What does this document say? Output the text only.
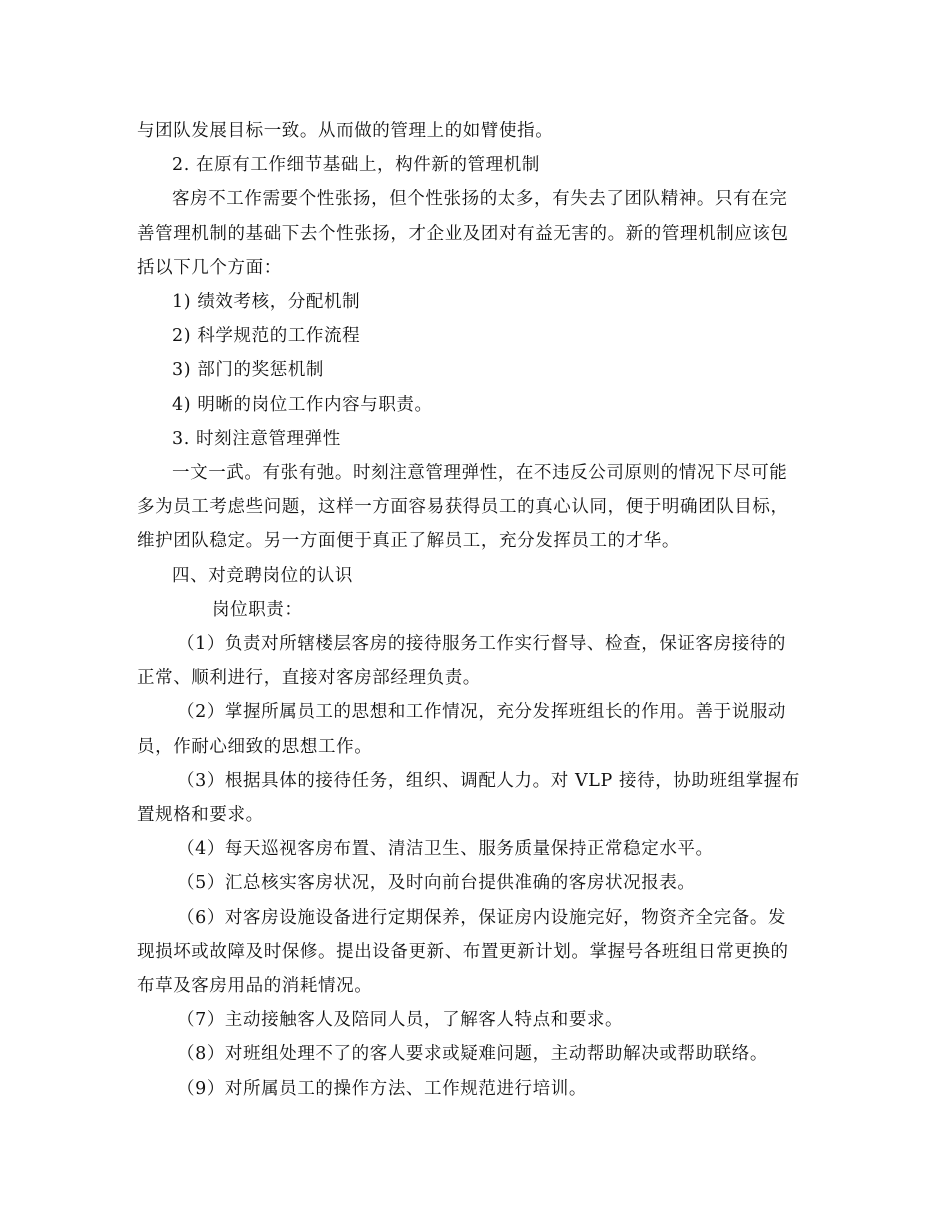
与团队发展目标一致。从而做的管理上的如臂使指。

2. 在原有工作细节基础上，构件新的管理机制

客房不工作需要个性张扬，但个性张扬的太多，有失去了团队精神。只有在完

善管理机制的基础下去个性张扬，才企业及团对有益无害的。新的管理机制应该包

括以下几个方面：

1) 绩效考核，分配机制

2) 科学规范的工作流程

3) 部门的奖惩机制

4) 明晰的岗位工作内容与职责。

3. 时刻注意管理弹性

一文一武。有张有弛。时刻注意管理弹性，在不违反公司原则的情况下尽可能

多为员工考虑些问题，这样一方面容易获得员工的真心认同，便于明确团队目标，

维护团队稳定。另一方面便于真正了解员工，充分发挥员工的才华。

四、对竞聘岗位的认识

岗位职责：

（1）负责对所辖楼层客房的接待服务工作实行督导、检查，保证客房接待的

正常、顺利进行，直接对客房部经理负责。

（2）掌握所属员工的思想和工作情况，充分发挥班组长的作用。善于说服动

员，作耐心细致的思想工作。

（3）根据具体的接待任务，组织、调配人力。对 VLP 接待，协助班组掌握布

置规格和要求。

（4）每天巡视客房布置、清洁卫生、服务质量保持正常稳定水平。

（5）汇总核实客房状况，及时向前台提供准确的客房状况报表。

（6）对客房设施设备进行定期保养，保证房内设施完好，物资齐全完备。发

现损坏或故障及时保修。提出设备更新、布置更新计划。掌握号各班组日常更换的

布草及客房用品的消耗情况。

（7）主动接触客人及陪同人员，了解客人特点和要求。

（8）对班组处理不了的客人要求或疑难问题，主动帮助解决或帮助联络。

（9）对所属员工的操作方法、工作规范进行培训。
